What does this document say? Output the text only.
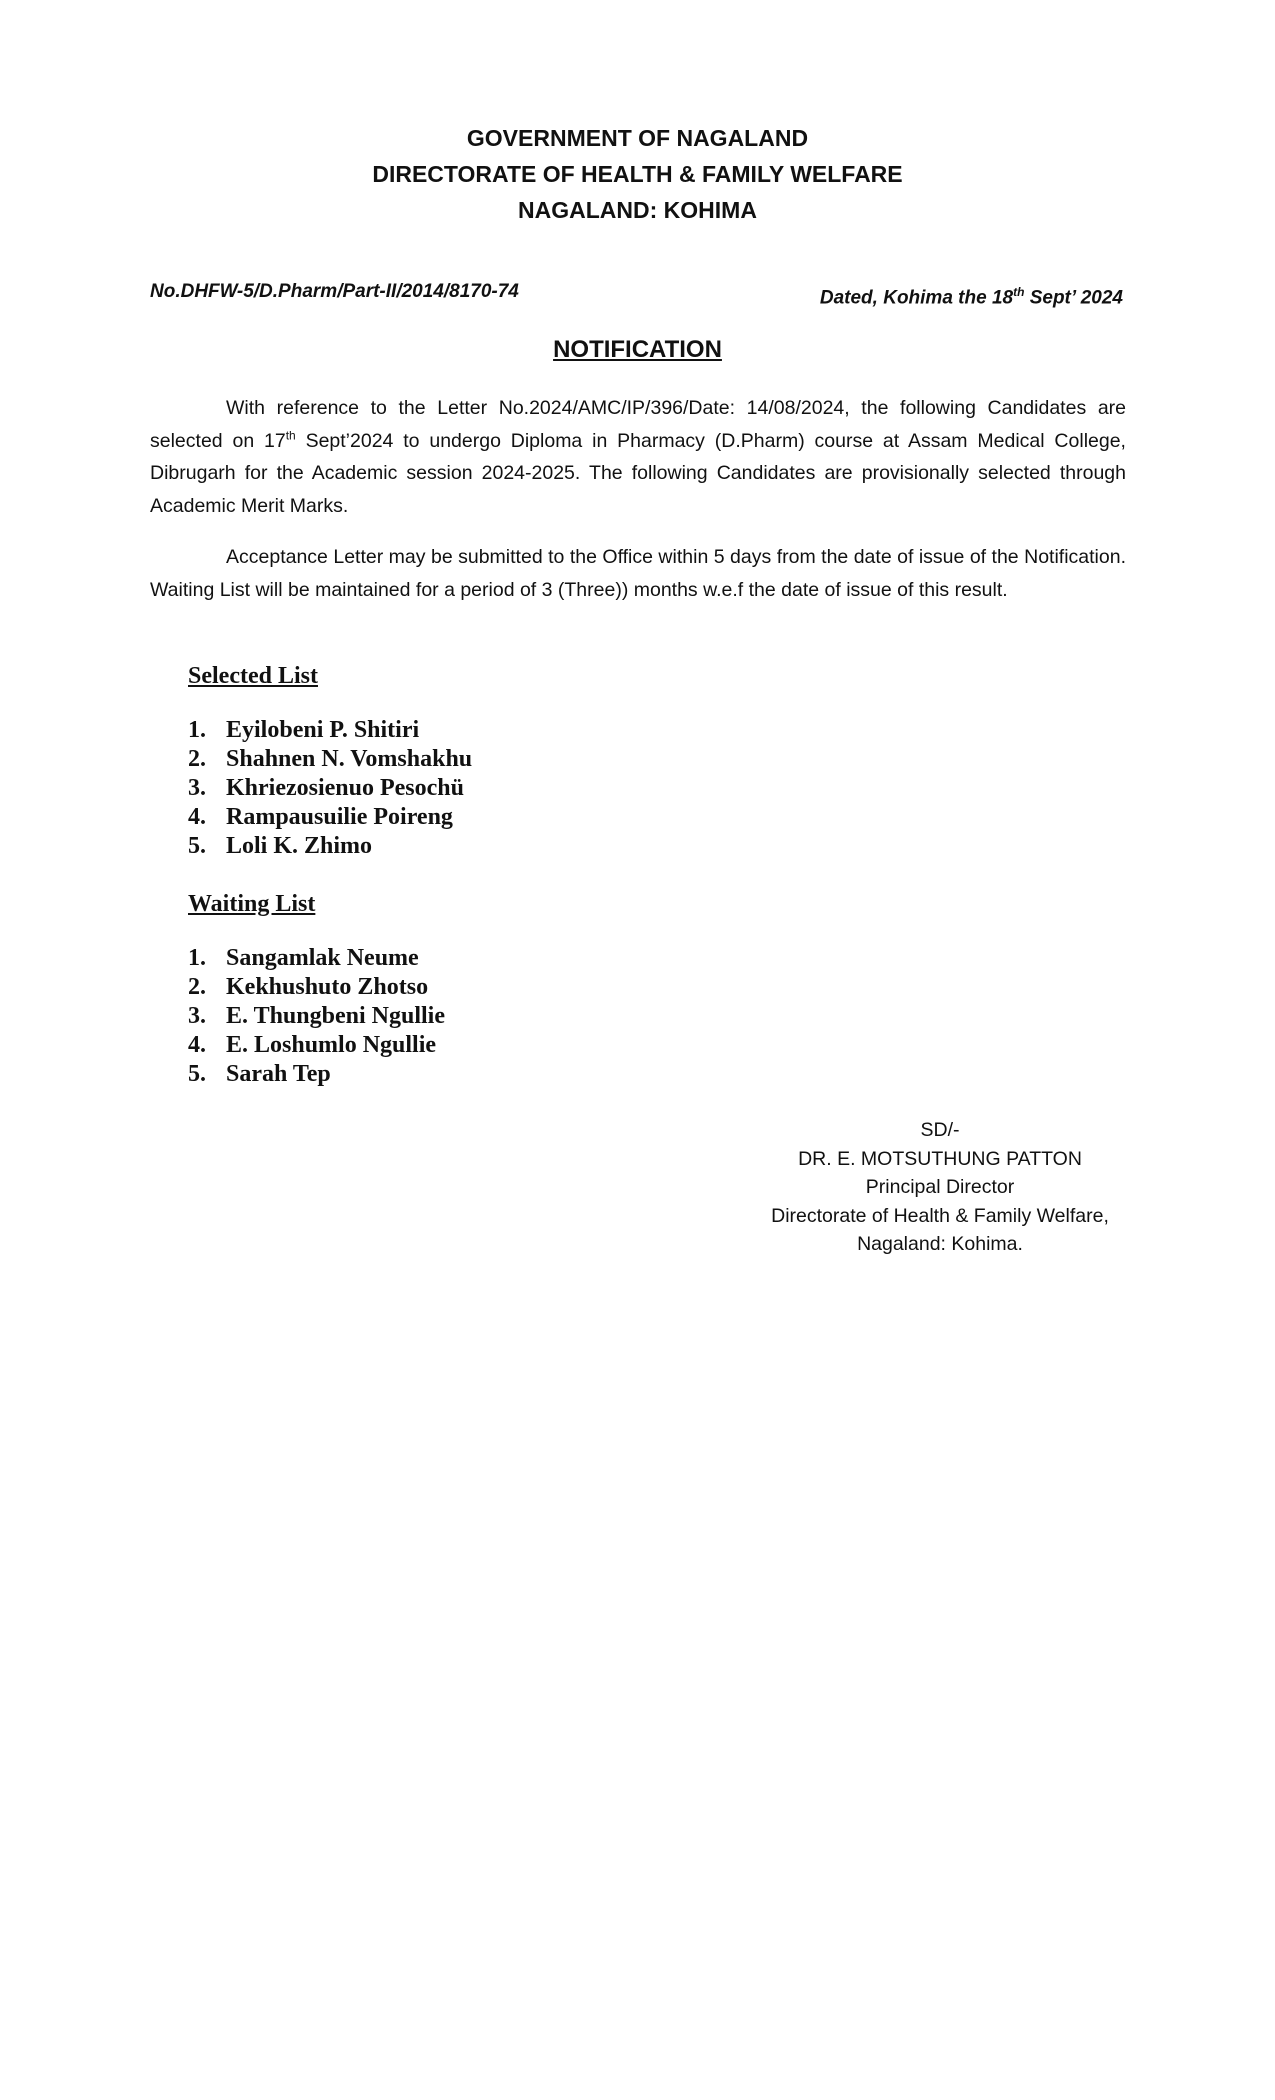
GOVERNMENT OF NAGALAND
DIRECTORATE OF HEALTH & FAMILY WELFARE
NAGALAND: KOHIMA
No.DHFW-5/D.Pharm/Part-II/2014/8170-74	Dated, Kohima the 18th Sept’ 2024
NOTIFICATION
With reference to the Letter No.2024/AMC/IP/396/Date: 14/08/2024, the following Candidates are selected on 17th Sept’2024 to undergo Diploma in Pharmacy (D.Pharm) course at Assam Medical College, Dibrugarh for the Academic session 2024-2025. The following Candidates are provisionally selected through Academic Merit Marks.
Acceptance Letter may be submitted to the Office within 5 days from the date of issue of the Notification. Waiting List will be maintained for a period of 3 (Three)) months w.e.f the date of issue of this result.
Selected List
1. Eyilobeni P. Shitiri
2. Shahnen N. Vomshakhu
3. Khriezosienuo Pesochü
4. Rampausuilie Poireng
5. Loli K. Zhimo
Waiting List
1. Sangamlak Neume
2. Kekhushuto Zhotso
3. E. Thungbeni Ngullie
4. E. Loshumlo Ngullie
5. Sarah Tep
SD/-
DR. E. MOTSUTHUNG PATTON
Principal Director
Directorate of Health & Family Welfare,
Nagaland: Kohima.
